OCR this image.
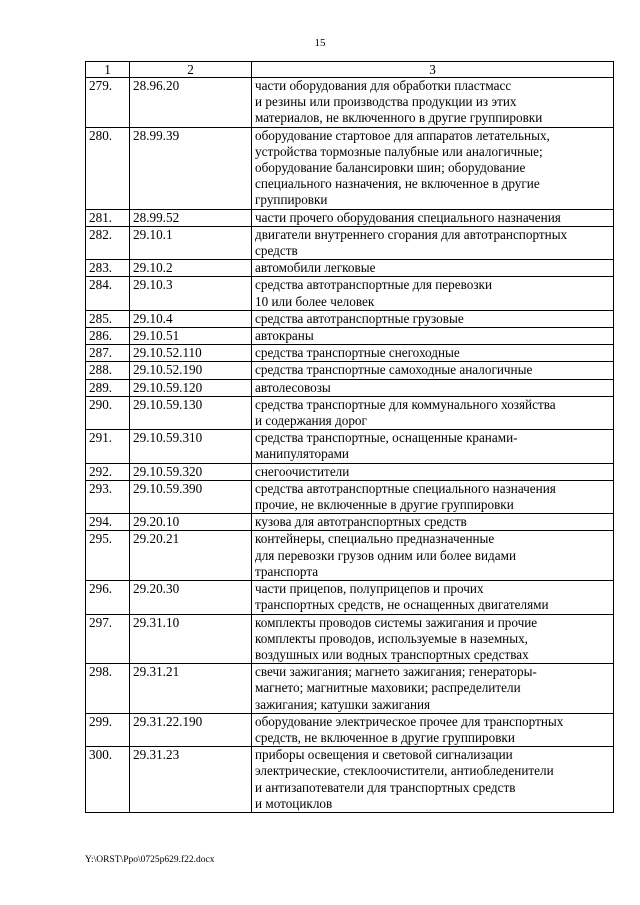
15
1	2	3
279.	28.96.20	части оборудования для обработки пластмасс
и резины или производства продукции из этих
материалов, не включенного в другие группировки

280.	28.99.39	оборудование стартовое для аппаратов летательных,
устройства тормозные палубные или аналогичные;
оборудование балансировки шин; оборудование
специального назначения, не включенное в другие
группировки

281.	28.99.52	части прочего оборудования специального назначения

282.	29.10.1	двигатели внутреннего сгорания для автотранспортных
средств

283.	29.10.2	автомобили легковые

284.	29.10.3	средства автотранспортные для перевозки
10 или более человек

285.	29.10.4	средства автотранспортные грузовые

286.	29.10.51	автокраны

287.	29.10.52.110	средства транспортные снегоходные

288.	29.10.52.190	средства транспортные самоходные аналогичные

289.	29.10.59.120	автолесовозы

290.	29.10.59.130	средства транспортные для коммунального хозяйства
и содержания дорог

291.	29.10.59.310	средства транспортные, оснащенные кранами-
манипуляторами

292.	29.10.59.320	снегоочистители

293.	29.10.59.390	средства автотранспортные специального назначения
прочие, не включенные в другие группировки

294.	29.20.10	кузова для автотранспортных средств

295.	29.20.21	контейнеры, специально предназначенные
для перевозки грузов одним или более видами
транспорта

296.	29.20.30	части прицепов, полуприцепов и прочих
транспортных средств, не оснащенных двигателями

297.	29.31.10	комплекты проводов системы зажигания и прочие
комплекты проводов, используемые в наземных,
воздушных или водных транспортных средствах

298.	29.31.21	свечи зажигания; магнето зажигания; генераторы-
магнето; магнитные маховики; распределители
зажигания; катушки зажигания

299.	29.31.22.190	оборудование электрическое прочее для транспортных
средств, не включенное в другие группировки

300.	29.31.23	приборы освещения и световой сигнализации
электрические, стеклоочистители, антиобледенители
и антизапотеватели для транспортных средств
и мотоциклов
Y:\ORST\Ppo\0725p629.f22.docx
